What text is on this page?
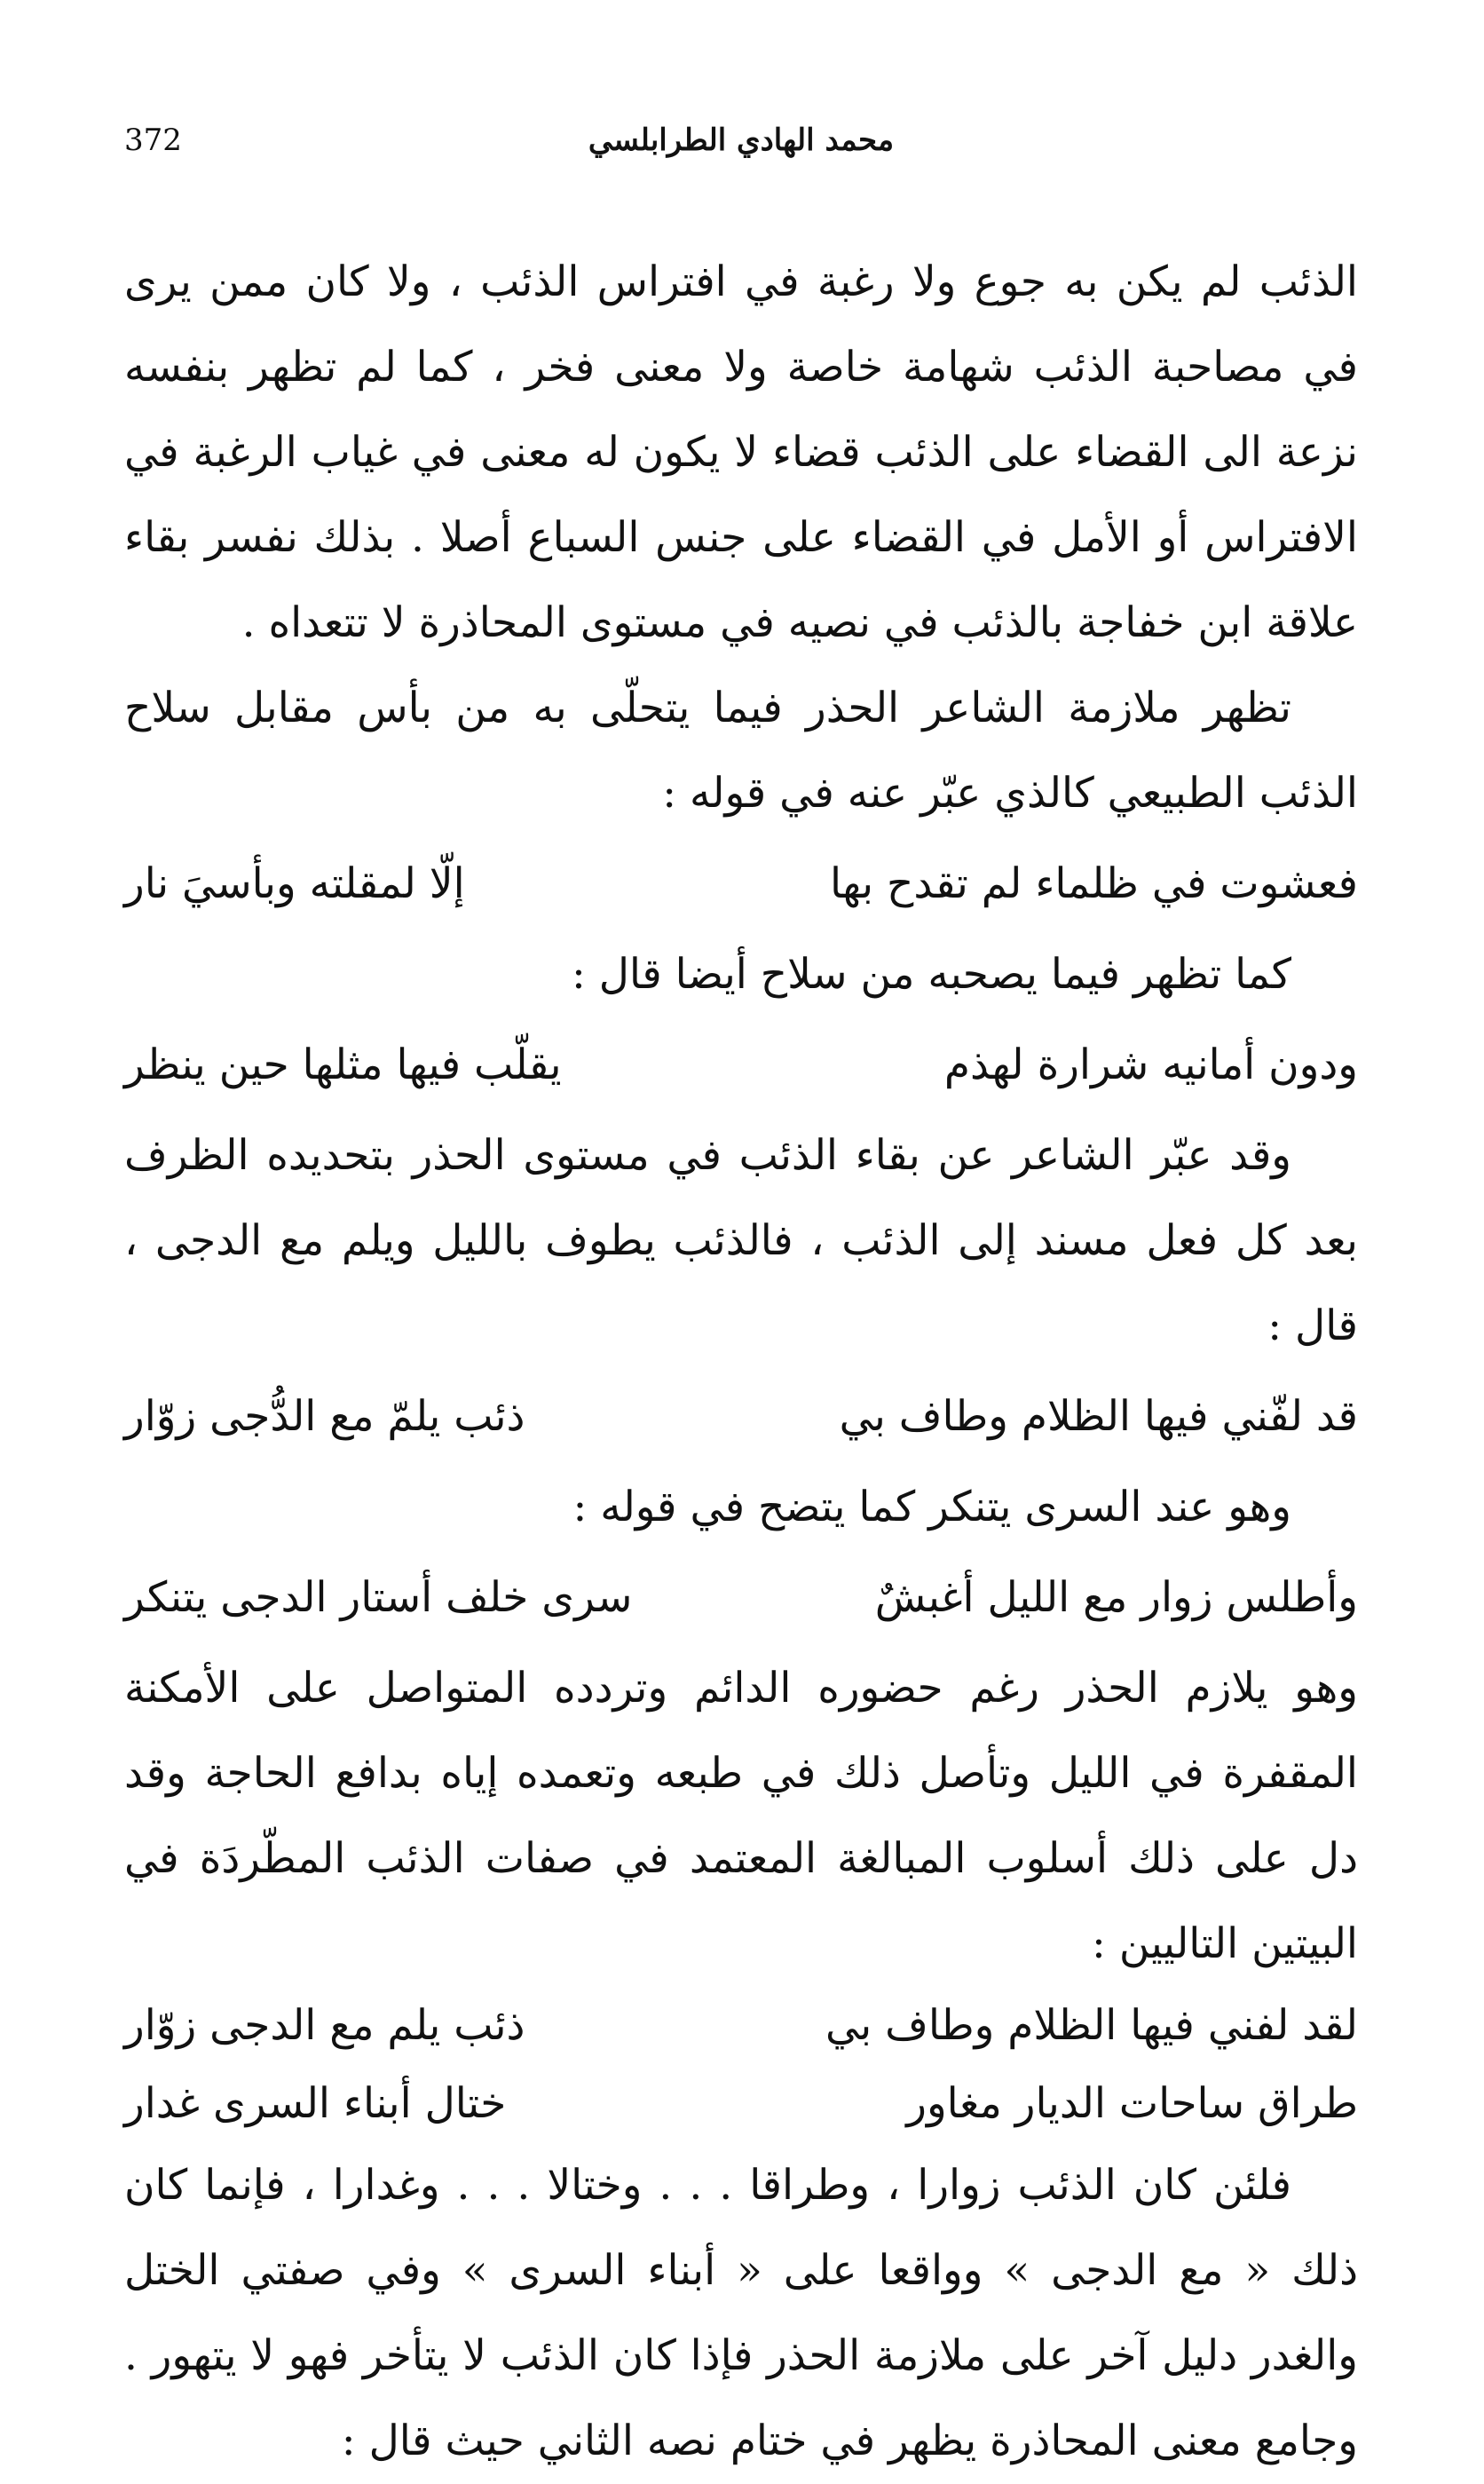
محمد الهادي الطرابلسي
372

الذئب لم يكن به جوع ولا رغبة في افتراس الذئب ، ولا كان ممن يرى في مصاحبة الذئب شهامة خاصة ولا معنى فخر ، كما لم تظهر بنفسه نزعة الى القضاء على الذئب قضاء لا يكون له معنى في غياب الرغبة في الافتراس أو الأمل في القضاء على جنس السباع أصلا . بذلك نفسر بقاء علاقة ابن خفاجة بالذئب في نصيه في مستوى المحاذرة لا تتعداه .

تظهر ملازمة الشاعر الحذر فيما يتحلّى به من بأس مقابل سلاح الذئب الطبيعي كالذي عبّر عنه في قوله :

فعشوت في ظلماء لم تقدح بها
إلّا لمقلته وبأسيَ نار

كما تظهر فيما يصحبه من سلاح أيضا قال :

ودون أمانيه شرارة لهذم
يقلّب فيها مثلها حين ينظر

وقد عبّر الشاعر عن بقاء الذئب في مستوى الحذر بتحديده الظرف بعد كل فعل مسند إلى الذئب ، فالذئب يطوف بالليل ويلم مع الدجى ، قال :

قد لفّني فيها الظلام وطاف بي
ذئب يلمّ مع الدُّجى زوّار

وهو عند السرى يتنكر كما يتضح في قوله :

وأطلس زوار مع الليل أغبشٌ
سرى خلف أستار الدجى يتنكر

وهو يلازم الحذر رغم حضوره الدائم وتردده المتواصل على الأمكنة المقفرة في الليل وتأصل ذلك في طبعه وتعمده إياه بدافع الحاجة وقد دل على ذلك أسلوب المبالغة المعتمد في صفات الذئب المطّردَة في البيتين التاليين :

لقد لفني فيها الظلام وطاف بي
ذئب يلم مع الدجى زوّار
طراق ساحات الديار مغاور
ختال أبناء السرى غدار

فلئن كان الذئب زوارا ، وطراقا . . . وختالا . . . وغدارا ، فإنما كان ذلك « مع الدجى » وواقعا على « أبناء السرى » وفي صفتي الختل والغدر دليل آخر على ملازمة الحذر فإذا كان الذئب لا يتأخر فهو لا يتهور . وجامع معنى المحاذرة يظهر في ختام نصه الثاني حيث قال :
